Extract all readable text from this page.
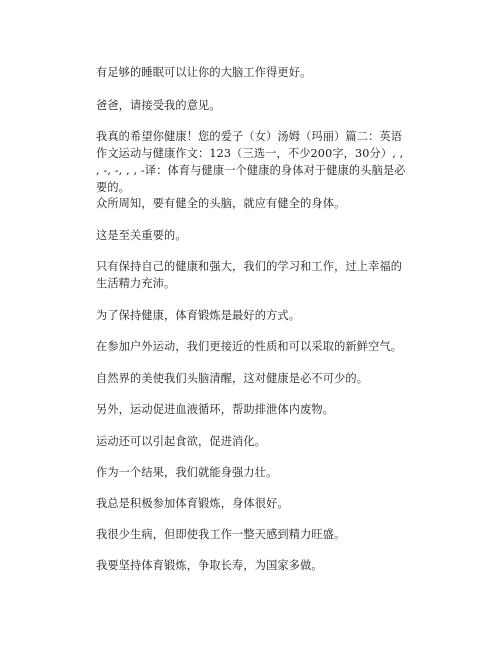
有足够的睡眠可以让你的大脑工作得更好。

爸爸，请接受我的意见。

我真的希望你健康！您的爱子（女）汤姆（玛丽）篇二：英语作文运动与健康作文：123（三选一，不少200字，30分）, , , -, -, , , -译：体育与健康一个健康的身体对于健康的头脑是必要的。

众所周知，要有健全的头脑，就应有健全的身体。

这是至关重要的。

只有保持自己的健康和强大，我们的学习和工作，过上幸福的生活精力充沛。

为了保持健康，体育锻炼是最好的方式。

在参加户外运动，我们更接近的性质和可以采取的新鲜空气。

自然界的美使我们头脑清醒，这对健康是必不可少的。

另外，运动促进血液循环，帮助排泄体内废物。

运动还可以引起食欲，促进消化。

作为一个结果，我们就能身强力壮。

我总是积极参加体育锻炼，身体很好。

我很少生病，但即使我工作一整天感到精力旺盛。

我要坚持体育锻炼，争取长寿，为国家多做。
